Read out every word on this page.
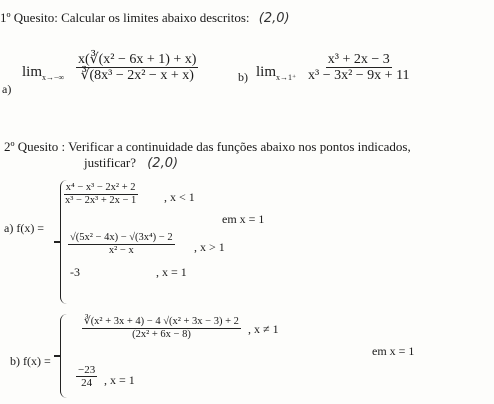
1º Quesito: Calcular os limites abaixo descritos: (2,0)
a)
$\lim_{x\to-\infty} \frac{\text{x(∛(x² − 6x + 1) + x)}}{\text{∛(8x³ − 2x² − x + x)}}$	b) $\lim_{x\to 1^+} \frac{\text{x³ + 2x − 3}}{\text{x³ − 3x² − 9x + 11}}$
2º Quesito : Verificar a continuidade das funções abaixo nos pontos indicados,
justificar? (2,0)
a) f(x) =
$\frac{\text{x⁴ − x³ − 2x² + 2}}{\text{x³ − 2x³ + 2x − 1}}$ , x < 1
$\frac{\text{√(5x² − 4x) − √(3x⁴) − 2}}{\text{x² − x}}$ , x > 1
-3	, x = 1
em x = 1
b) f(x) =
$\frac{\text{∛(x² + 3x + 4) − 4 √(x² + 3x − 3) + 2}}{\text{(2x² + 6x − 8)}}$ , x ≠ 1
$\frac{-23}{24}$ , x = 1
em x = 1
